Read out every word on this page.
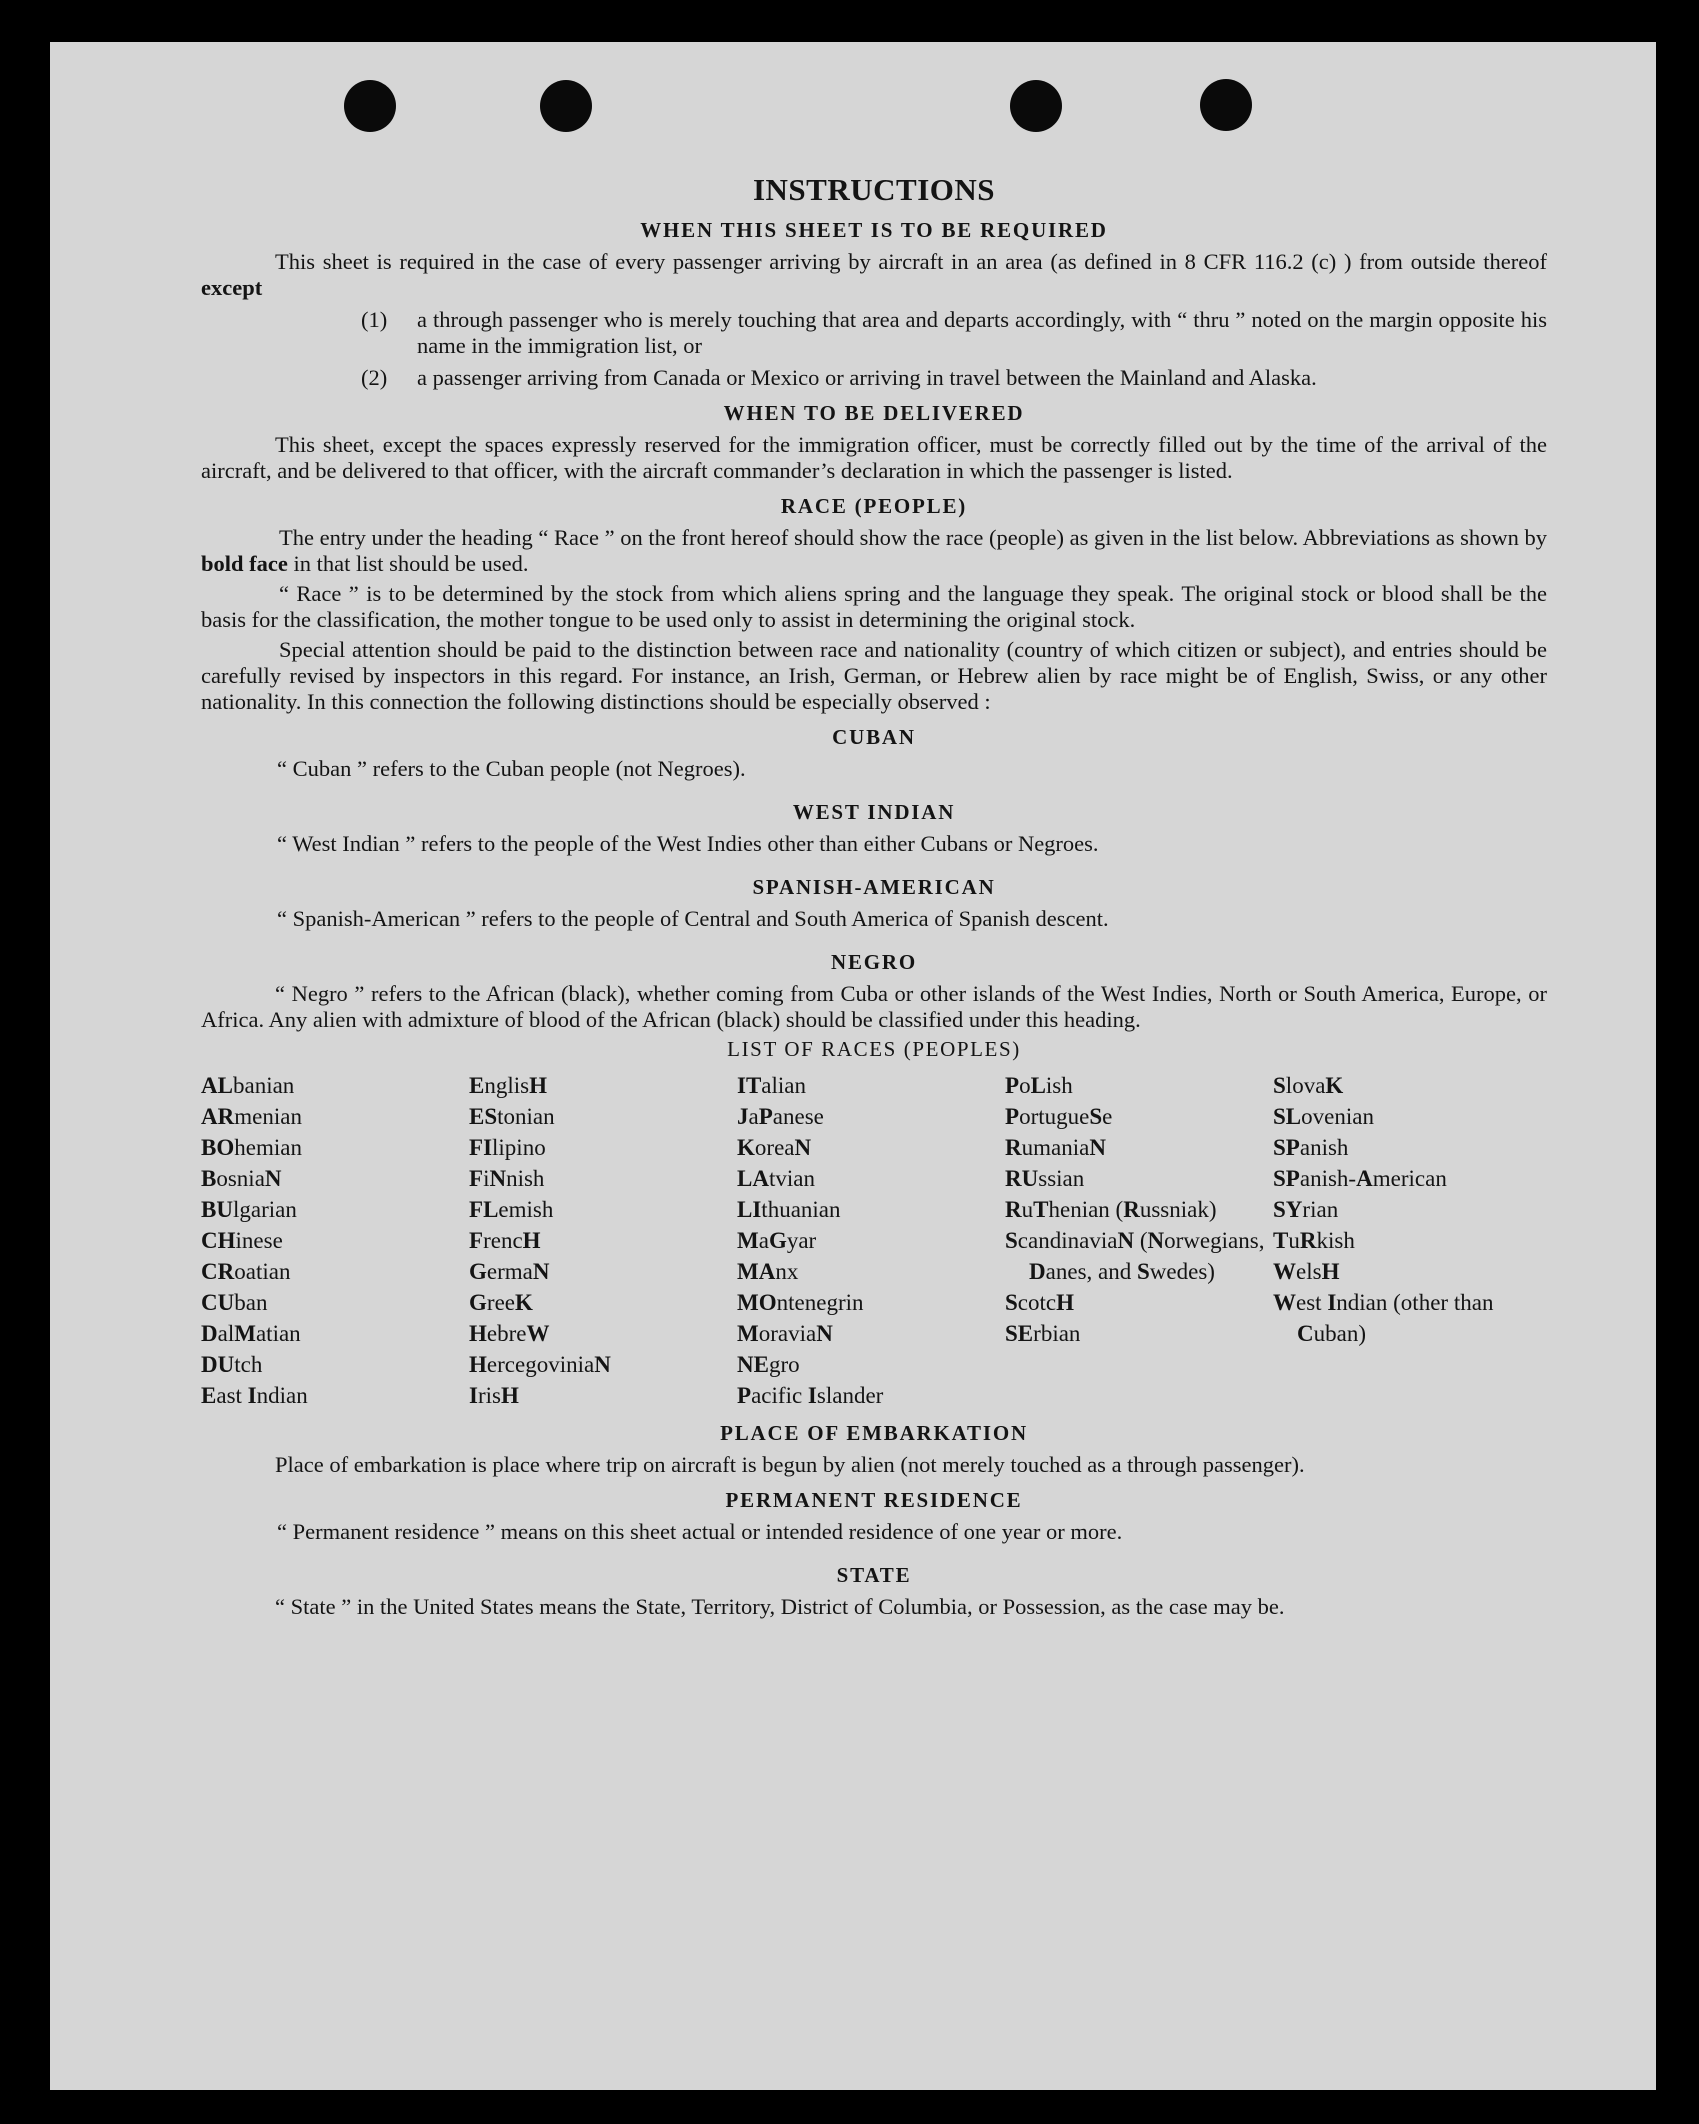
INSTRUCTIONS
WHEN THIS SHEET IS TO BE REQUIRED

This sheet is required in the case of every passenger arriving by aircraft in an area (as defined in 8 CFR 116.2 (c) ) from outside thereof except

(1) a through passenger who is merely touching that area and departs accordingly, with “ thru ” noted on the margin opposite his name in the immigration list, or
(2) a passenger arriving from Canada or Mexico or arriving in travel between the Mainland and Alaska.
WHEN TO BE DELIVERED

This sheet, except the spaces expressly reserved for the immigration officer, must be correctly filled out by the time of the arrival of the aircraft, and be delivered to that officer, with the aircraft commander’s declaration in which the passenger is listed.

RACE (PEOPLE)

The entry under the heading “ Race ” on the front hereof should show the race (people) as given in the list below. Abbreviations as shown by bold face in that list should be used.

“ Race ” is to be determined by the stock from which aliens spring and the language they speak. The original stock or blood shall be the basis for the classification, the mother tongue to be used only to assist in determining the original stock.

Special attention should be paid to the distinction between race and nationality (country of which citizen or subject), and entries should be carefully revised by inspectors in this regard. For instance, an Irish, German, or Hebrew alien by race might be of English, Swiss, or any other nationality. In this connection the following distinctions should be especially observed :

CUBAN
“ Cuban ” refers to the Cuban people (not Negroes).
WEST INDIAN
“ West Indian ” refers to the people of the West Indies other than either Cubans or Negroes.
SPANISH-AMERICAN
“ Spanish-American ” refers to the people of Central and South America of Spanish descent.
NEGRO

“ Negro ” refers to the African (black), whether coming from Cuba or other islands of the West Indies, North or South America, Europe, or Africa. Any alien with admixture of blood of the African (black) should be classified under this heading.

LIST OF RACES (PEOPLES)
ALbanian
ARmenian
BOhemian
BosniaN
BUlgarian
CHinese
CRoatian
CUban
DalMatian
DUtch
East Indian
EnglisH
EStonian
FIlipino
FiNnish
FLemish
FrencH
GermaN
GreeK
HebreW
HercegoviniaN
IrisH
ITalian
JaPanese
KoreaN
LAtvian
LIthuanian
MaGyar
MAnx
MOntenegrin
MoraviaN
NEgro
Pacific Islander
PoLish
PortugueSe
RumaniaN
RUssian
RuThenian (Russniak)
ScandinaviaN (Norwegians, Danes, and Swedes)
ScotcH
SErbian
SlovaK
SLovenian
SPanish
SPanish-American
SYrian
TuRkish
WelsH
West Indian (other than Cuban)
PLACE OF EMBARKATION

Place of embarkation is place where trip on aircraft is begun by alien (not merely touched as a through passenger).

PERMANENT RESIDENCE
“ Permanent residence ” means on this sheet actual or intended residence of one year or more.
STATE

“ State ” in the United States means the State, Territory, District of Columbia, or Possession, as the case may be.
